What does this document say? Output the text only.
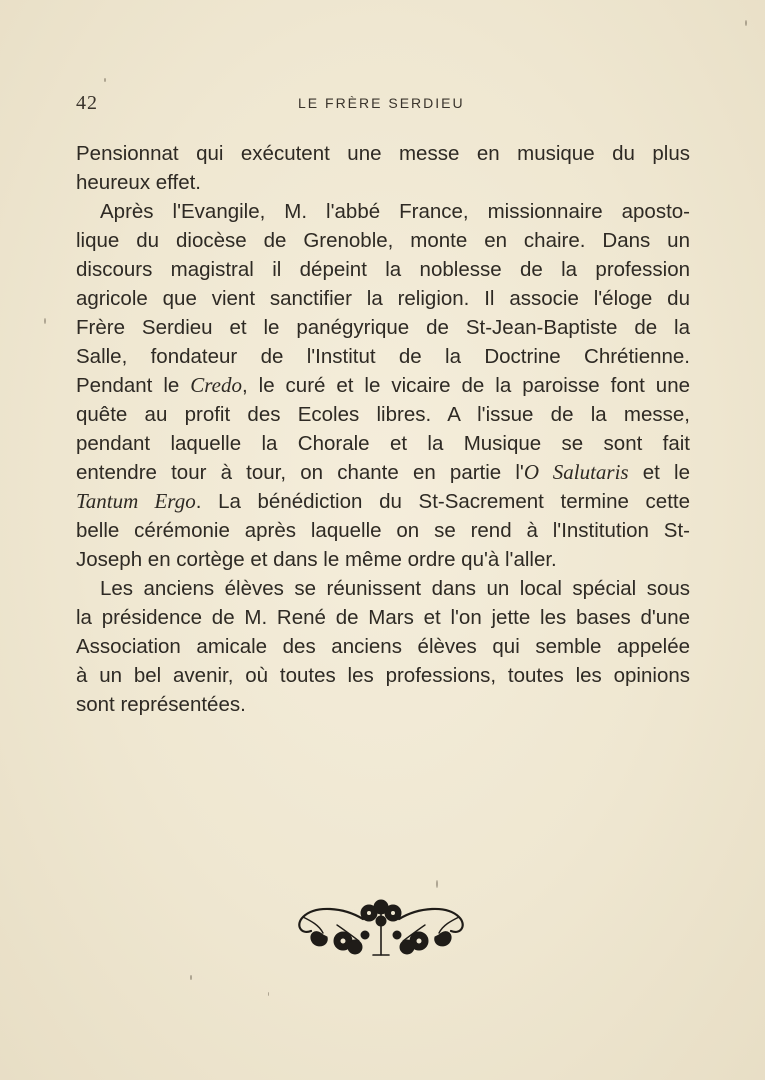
42	LE FRÈRE SERDIEU
Pensionnat qui exécutent une messe en musique du plus
heureux effet.
Après l'Evangile, M. l'abbé France, missionnaire aposto-
lique du diocèse de Grenoble, monte en chaire. Dans un
discours magistral il dépeint la noblesse de la profession
agricole que vient sanctifier la religion. Il associe l'éloge du
Frère Serdieu et le panégyrique de St-Jean-Baptiste de la
Salle, fondateur de l'Institut de la Doctrine Chrétienne.
Pendant le Credo, le curé et le vicaire de la paroisse font une
quête au profit des Ecoles libres. A l'issue de la messe,
pendant laquelle la Chorale et la Musique se sont fait
entendre tour à tour, on chante en partie l'O Salutaris et le
Tantum Ergo. La bénédiction du St-Sacrement termine cette
belle cérémonie après laquelle on se rend à l'Institution St-
Joseph en cortège et dans le même ordre qu'à l'aller.
Les anciens élèves se réunissent dans un local spécial sous
la présidence de M. René de Mars et l'on jette les bases d'une
Association amicale des anciens élèves qui semble appelée
à un bel avenir, où toutes les professions, toutes les opinions
sont représentées.
